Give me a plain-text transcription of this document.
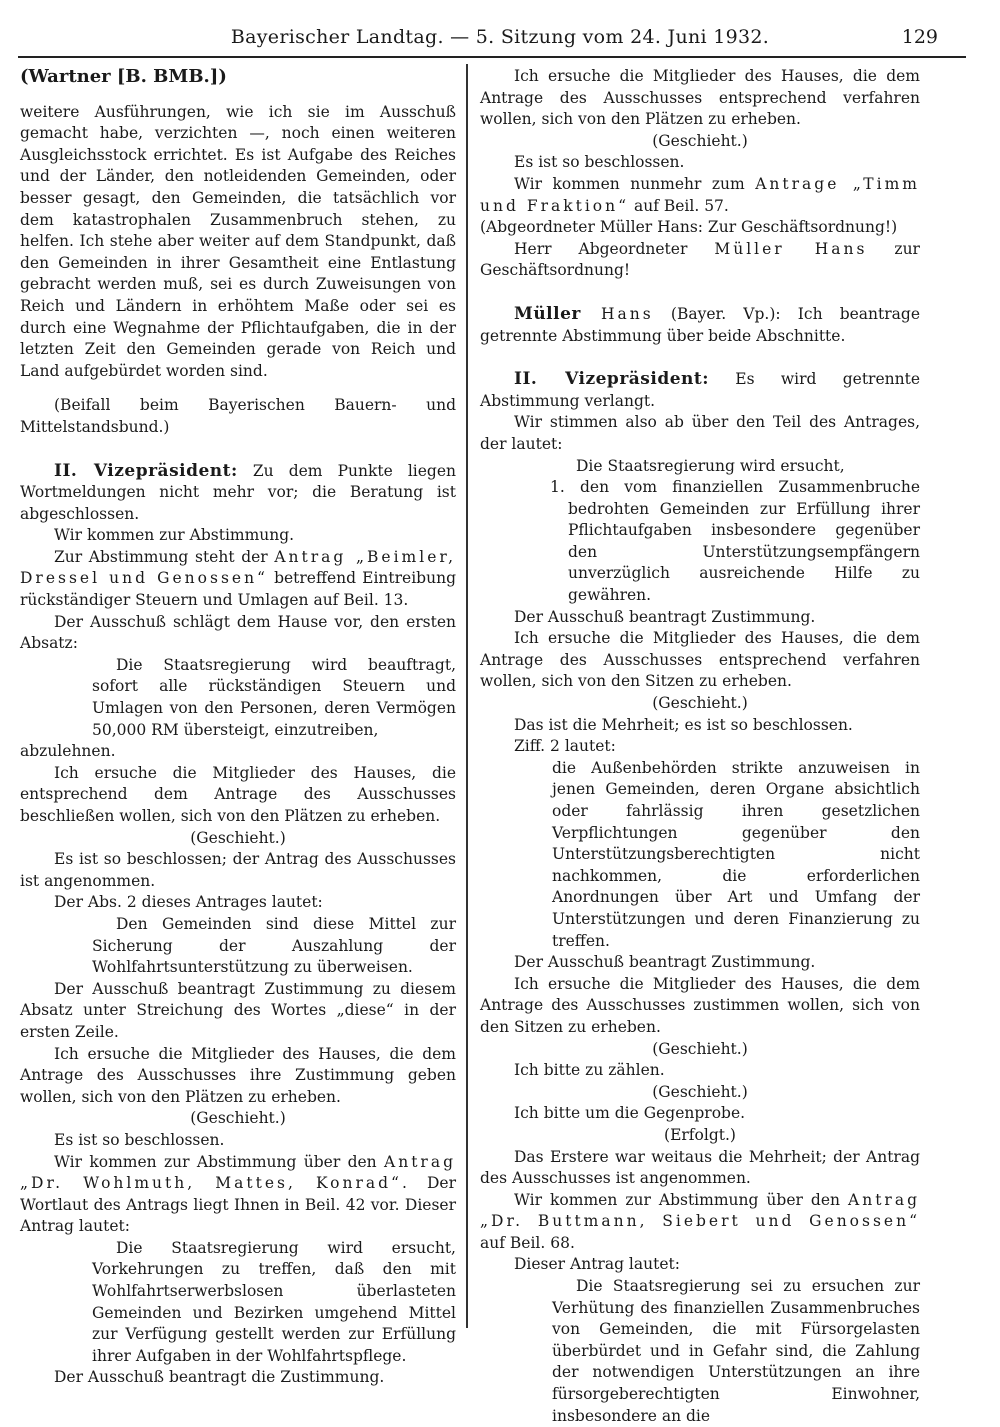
Bayerischer Landtag. — 5. Sitzung vom 24. Juni 1932.	129

(Wartner [B. BMB.])

weitere Ausführungen, wie ich sie im Ausschuß gemacht habe, verzichten —, noch einen weiteren Ausgleichsstock errichtet. Es ist Aufgabe des Reiches und der Länder, den notleidenden Gemeinden, oder besser gesagt, den Gemeinden, die tatsächlich vor dem katastrophalen Zusammenbruch stehen, zu helfen. Ich stehe aber weiter auf dem Standpunkt, daß den Gemeinden in ihrer Gesamtheit eine Entlastung gebracht werden muß, sei es durch Zuweisungen von Reich und Ländern in erhöhtem Maße oder sei es durch eine Wegnahme der Pflichtaufgaben, die in der letzten Zeit den Gemeinden gerade von Reich und Land aufgebürdet worden sind.

(Beifall beim Bayerischen Bauern- und Mittelstandsbund.)

II. Vizepräsident: Zu dem Punkte liegen Wortmeldungen nicht mehr vor; die Beratung ist abgeschlossen.

Wir kommen zur Abstimmung.

Zur Abstimmung steht der Antrag „Beimler, Dressel und Genossen“ betreffend Eintreibung rückständiger Steuern und Umlagen auf Beil. 13.

Der Ausschuß schlägt dem Hause vor, den ersten Absatz:

Die Staatsregierung wird beauftragt, sofort alle rückständigen Steuern und Umlagen von den Personen, deren Vermögen 50,000 RM übersteigt, einzutreiben,

abzulehnen.

Ich ersuche die Mitglieder des Hauses, die entsprechend dem Antrage des Ausschusses beschließen wollen, sich von den Plätzen zu erheben.

(Geschieht.)

Es ist so beschlossen; der Antrag des Ausschusses ist angenommen.

Der Abs. 2 dieses Antrages lautet:

Den Gemeinden sind diese Mittel zur Sicherung der Auszahlung der Wohlfahrtsunterstützung zu überweisen.

Der Ausschuß beantragt Zustimmung zu diesem Absatz unter Streichung des Wortes „diese“ in der ersten Zeile.

Ich ersuche die Mitglieder des Hauses, die dem Antrage des Ausschusses ihre Zustimmung geben wollen, sich von den Plätzen zu erheben.

(Geschieht.)

Es ist so beschlossen.

Wir kommen zur Abstimmung über den Antrag „Dr. Wohlmuth, Mattes, Konrad“. Der Wortlaut des Antrags liegt Ihnen in Beil. 42 vor. Dieser Antrag lautet:

Die Staatsregierung wird ersucht, Vorkehrungen zu treffen, daß den mit Wohlfahrtserwerbslosen überlasteten Gemeinden und Bezirken umgehend Mittel zur Verfügung gestellt werden zur Erfüllung ihrer Aufgaben in der Wohlfahrtspflege.

Der Ausschuß beantragt die Zustimmung.

Ich ersuche die Mitglieder des Hauses, die dem Antrage des Ausschusses entsprechend verfahren wollen, sich von den Plätzen zu erheben.

(Geschieht.)

Es ist so beschlossen.

Wir kommen nunmehr zum Antrage „Timm und Fraktion“ auf Beil. 57.

(Abgeordneter Müller Hans: Zur Geschäftsordnung!)

Herr Abgeordneter Müller Hans zur Geschäftsordnung!

Müller Hans (Bayer. Vp.): Ich beantrage getrennte Abstimmung über beide Abschnitte.

II. Vizepräsident: Es wird getrennte Abstimmung verlangt.

Wir stimmen also ab über den Teil des Antrages, der lautet:

Die Staatsregierung wird ersucht,

1. den vom finanziellen Zusammenbruche bedrohten Gemeinden zur Erfüllung ihrer Pflichtaufgaben insbesondere gegenüber den Unterstützungsempfängern unverzüglich ausreichende Hilfe zu gewähren.

Der Ausschuß beantragt Zustimmung.

Ich ersuche die Mitglieder des Hauses, die dem Antrage des Ausschusses entsprechend verfahren wollen, sich von den Sitzen zu erheben.

(Geschieht.)

Das ist die Mehrheit; es ist so beschlossen.

Ziff. 2 lautet:

die Außenbehörden strikte anzuweisen in jenen Gemeinden, deren Organe absichtlich oder fahrlässig ihren gesetzlichen Verpflichtungen gegenüber den Unterstützungsberechtigten nicht nachkommen, die erforderlichen Anordnungen über Art und Umfang der Unterstützungen und deren Finanzierung zu treffen.

Der Ausschuß beantragt Zustimmung.

Ich ersuche die Mitglieder des Hauses, die dem Antrage des Ausschusses zustimmen wollen, sich von den Sitzen zu erheben.

(Geschieht.)

Ich bitte zu zählen.

(Geschieht.)

Ich bitte um die Gegenprobe.

(Erfolgt.)

Das Erstere war weitaus die Mehrheit; der Antrag des Ausschusses ist angenommen.

Wir kommen zur Abstimmung über den Antrag „Dr. Buttmann, Siebert und Genossen“ auf Beil. 68.

Dieser Antrag lautet:

Die Staatsregierung sei zu ersuchen zur Verhütung des finanziellen Zusammenbruches von Gemeinden, die mit Fürsorgelasten überbürdet und in Gefahr sind, die Zahlung der notwendigen Unterstützungen an ihre fürsorgeberechtigten Einwohner, insbesondere an die
